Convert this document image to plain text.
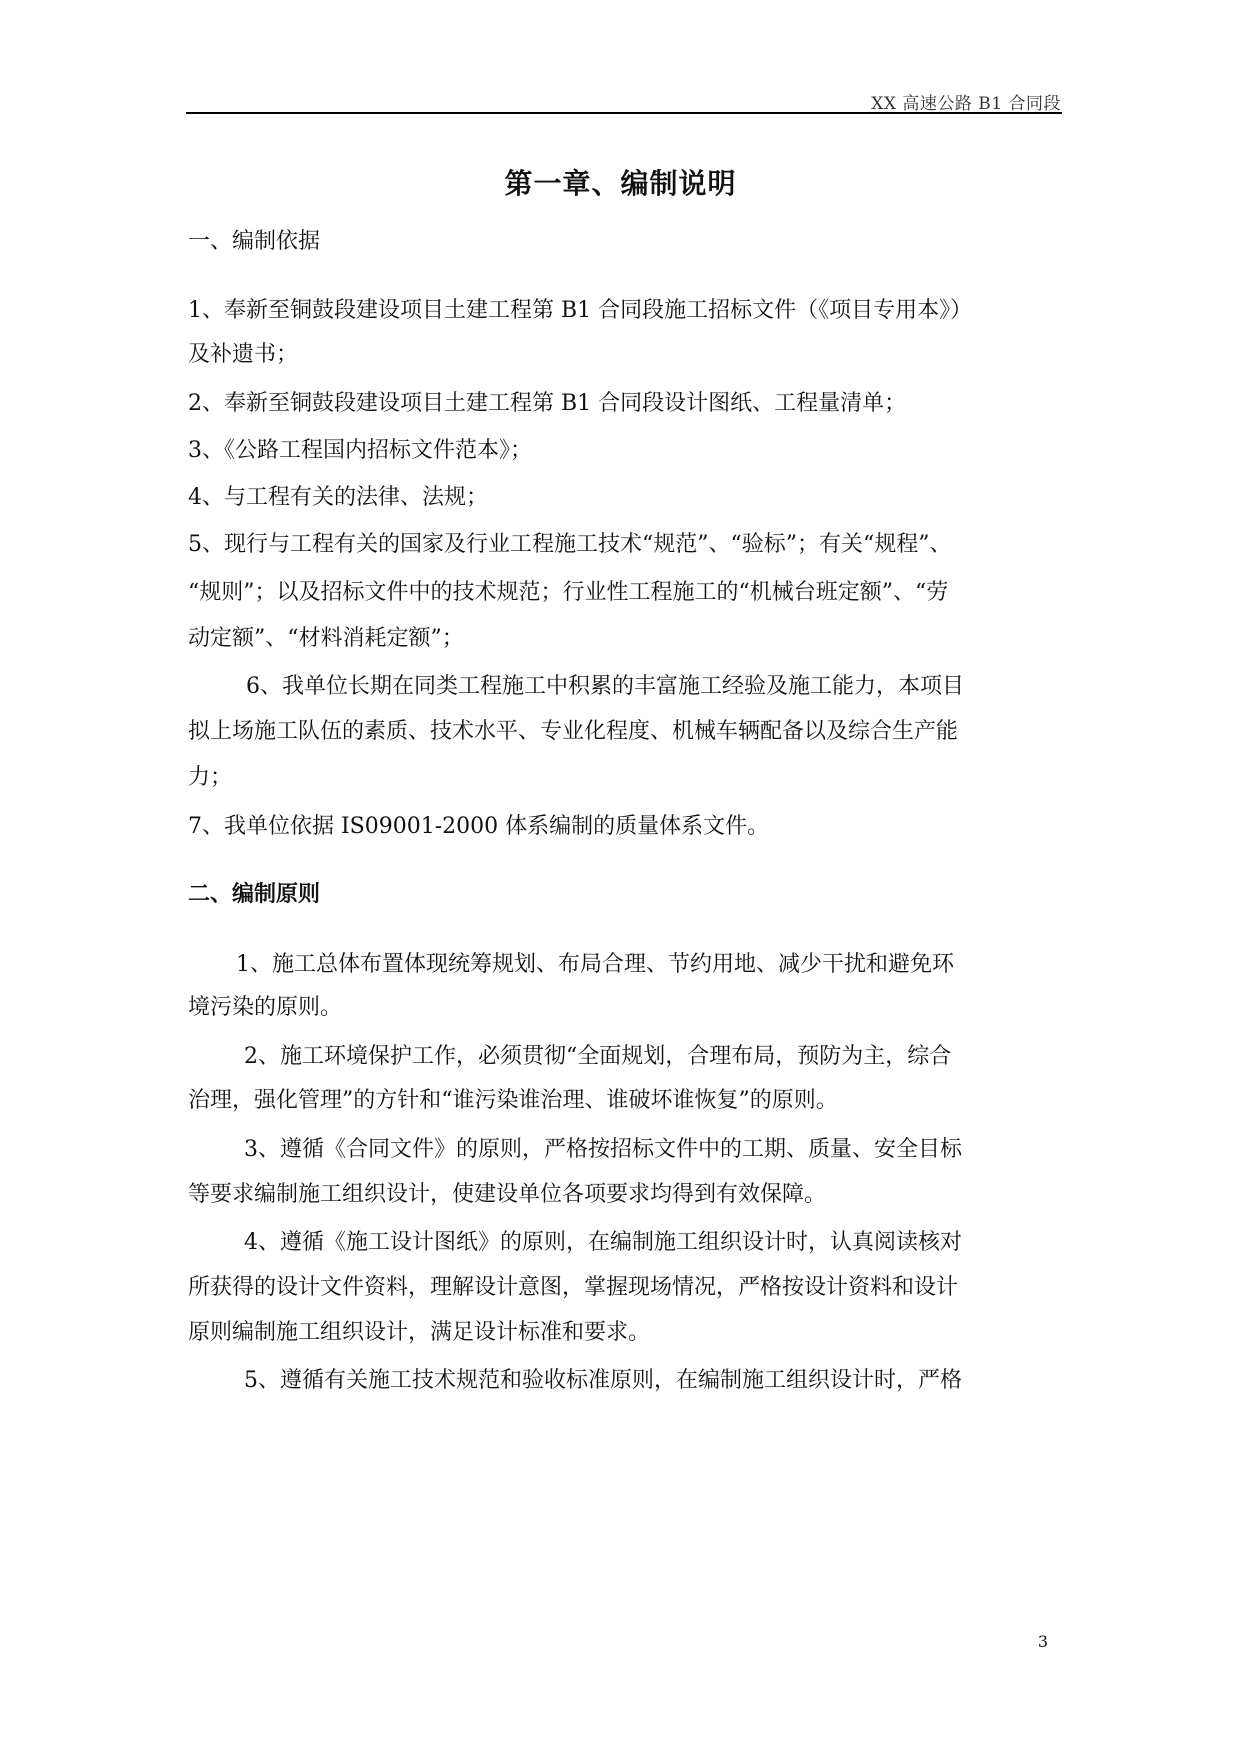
XX 高速公路 B1 合同段
第一章、编制说明
一、编制依据
1、奉新至铜鼓段建设项目土建工程第 B1 合同段施工招标文件（《项目专用本》）
及补遗书；
2、奉新至铜鼓段建设项目土建工程第 B1 合同段设计图纸、工程量清单；
3、《公路工程国内招标文件范本》；
4、与工程有关的法律、法规；
5、现行与工程有关的国家及行业工程施工技术“规范”、“验标”；有关“规程”、
“规则”；以及招标文件中的技术规范；行业性工程施工的“机械台班定额”、“劳
动定额”、“材料消耗定额”；
6、我单位长期在同类工程施工中积累的丰富施工经验及施工能力，本项目
拟上场施工队伍的素质、技术水平、专业化程度、机械车辆配备以及综合生产能
力；
7、我单位依据 IS09001-2000 体系编制的质量体系文件。
二、编制原则
1、施工总体布置体现统筹规划、布局合理、节约用地、减少干扰和避免环
境污染的原则。
2、施工环境保护工作，必须贯彻“全面规划，合理布局，预防为主，综合
治理，强化管理”的方针和“谁污染谁治理、谁破坏谁恢复”的原则。
3、遵循《合同文件》的原则，严格按招标文件中的工期、质量、安全目标
等要求编制施工组织设计，使建设单位各项要求均得到有效保障。
4、遵循《施工设计图纸》的原则，在编制施工组织设计时，认真阅读核对
所获得的设计文件资料，理解设计意图，掌握现场情况，严格按设计资料和设计
原则编制施工组织设计，满足设计标准和要求。
5、遵循有关施工技术规范和验收标准原则，在编制施工组织设计时，严格
3
